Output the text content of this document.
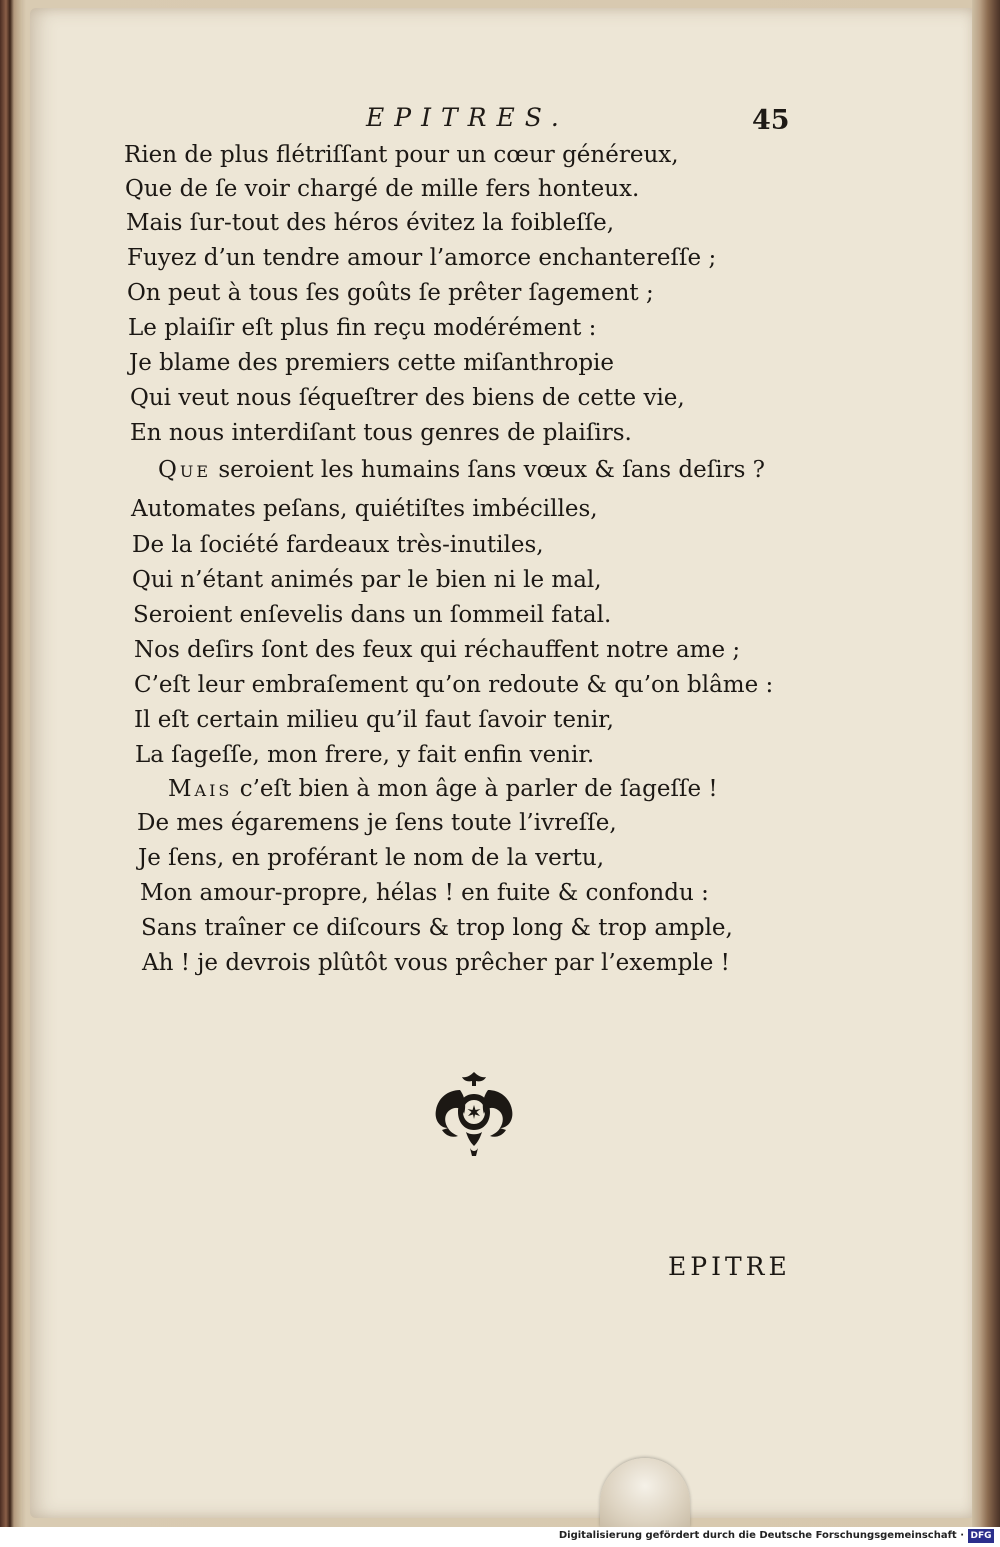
EPITRES.	45
Rien de plus flétriſſant pour un cœur généreux,
Que de ſe voir chargé de mille fers honteux.
Mais ſur-tout des héros évitez la foibleſſe,
Fuyez d’un tendre amour l’amorce enchantereſſe ;
On peut à tous ſes goûts ſe prêter ſagement ;
Le plaiſir eſt plus fin reçu modérément :
Je blame des premiers cette miſanthropie
Qui veut nous ſéqueſtrer des biens de cette vie,
En nous interdiſant tous genres de plaiſirs.
Que seroient les humains ſans vœux & ſans deſirs ?
Automates peſans, quiétiſtes imbécilles,
De la ſociété fardeaux très-inutiles,
Qui n’étant animés par le bien ni le mal,
Seroient enſevelis dans un ſommeil fatal.
Nos deſirs ſont des feux qui réchauffent notre ame ;
C’eſt leur embraſement qu’on redoute & qu’on blâme :
Il eſt certain milieu qu’il faut ſavoir tenir,
La ſageſſe, mon frere, y fait enfin venir.
Mais c’eſt bien à mon âge à parler de ſageſſe !
De mes égaremens je ſens toute l’ivreſſe,
Je ſens, en proférant le nom de la vertu,
Mon amour-propre, hélas ! en fuite & confondu :
Sans traîner ce diſcours & trop long & trop ample,
Ah ! je devrois plûtôt vous prêcher par l’exemple !
EPITRE
Digitalisierung gefördert durch die Deutsche Forschungsgemeinschaft · DFG
